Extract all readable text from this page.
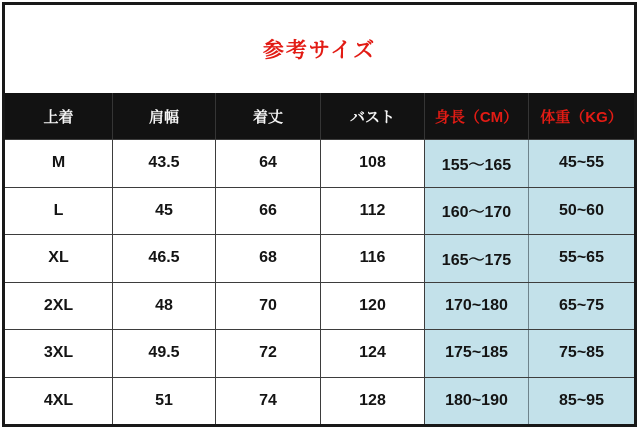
参考サイズ
上着	肩幅	着丈	バスト	身長（CM）	体重（KG）
M	43.5	64	108	155～165	45~55
L	45	66	112	160～170	50~60
XL	46.5	68	116	165～175	55~65
2XL	48	70	120	170~180	65~75
3XL	49.5	72	124	175~185	75~85
4XL	51	74	128	180~190	85~95
